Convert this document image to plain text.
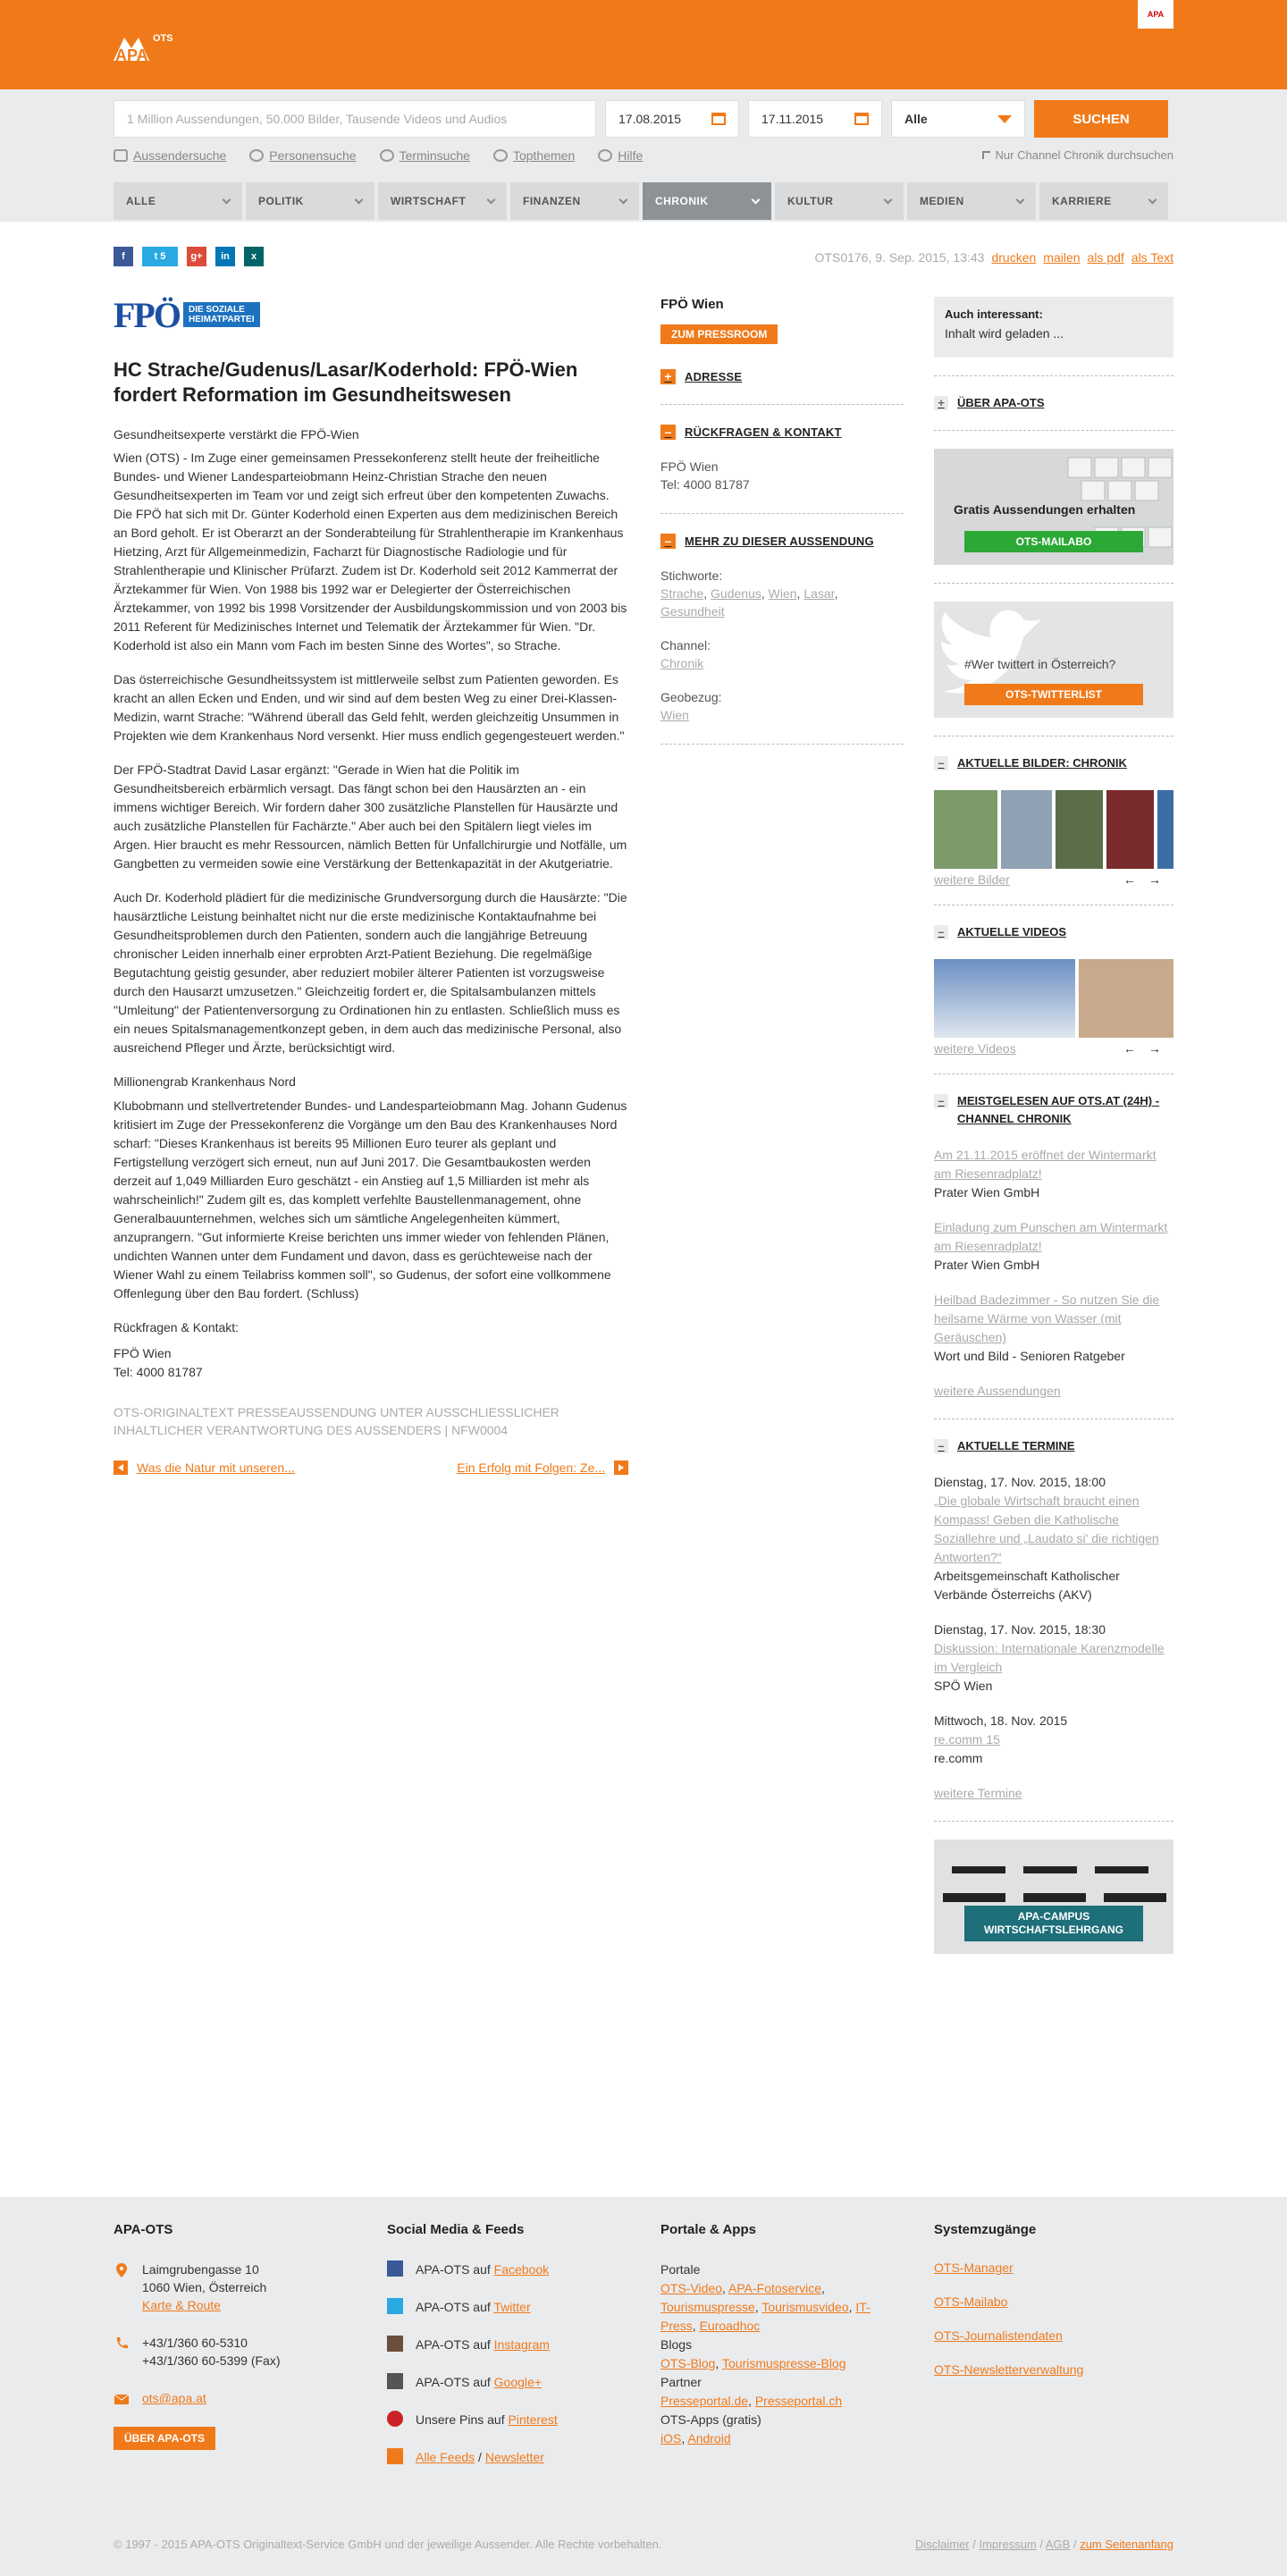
APA
OTS
APA
1 Million Aussendungen, 50.000 Bilder, Tausende Videos und Audios	17.08.2015	17.11.2015	Alle	SUCHEN
Aussendersuche	Personensuche	Terminsuche	Topthemen	Hilfe	Nur Channel Chronik durchsuchen
ALLE	POLITIK	WIRTSCHAFT	FINANZEN	CHRONIK	KULTUR	MEDIEN	KARRIERE
f	t 5	g+	in	x	OTS0176, 9. Sep. 2015, 13:43 drucken mailen als pdf als Text
FPÖ	DIE SOZIALE HEIMATPARTEI
HC Strache/Gudenus/Lasar/Koderhold: FPÖ-Wien fordert Reformation im Gesundheitswesen
Gesundheitsexperte verstärkt die FPÖ-Wien

Wien (OTS) - Im Zuge einer gemeinsamen Pressekonferenz stellt heute der freiheitliche Bundes- und Wiener Landesparteiobmann Heinz-Christian Strache den neuen Gesundheitsexperten im Team vor und zeigt sich erfreut über den kompetenten Zuwachs. Die FPÖ hat sich mit Dr. Günter Koderhold einen Experten aus dem medizinischen Bereich an Bord geholt. Er ist Oberarzt an der Sonderabteilung für Strahlentherapie im Krankenhaus Hietzing, Arzt für Allgemeinmedizin, Facharzt für Diagnostische Radiologie und für Strahlentherapie und Klinischer Prüfarzt. Zudem ist Dr. Koderhold seit 2012 Kammerrat der Ärztekammer für Wien. Von 1988 bis 1992 war er Delegierter der Österreichischen Ärztekammer, von 1992 bis 1998 Vorsitzender der Ausbildungskommission und von 2003 bis 2011 Referent für Medizinisches Internet und Telematik der Ärztekammer für Wien. "Dr. Koderhold ist also ein Mann vom Fach im besten Sinne des Wortes", so Strache.

Das österreichische Gesundheitssystem ist mittlerweile selbst zum Patienten geworden. Es kracht an allen Ecken und Enden, und wir sind auf dem besten Weg zu einer Drei-Klassen-Medizin, warnt Strache: "Während überall das Geld fehlt, werden gleichzeitig Unsummen in Projekten wie dem Krankenhaus Nord versenkt. Hier muss endlich gegengesteuert werden."

Der FPÖ-Stadtrat David Lasar ergänzt: "Gerade in Wien hat die Politik im Gesundheitsbereich erbärmlich versagt. Das fängt schon bei den Hausärzten an - ein immens wichtiger Bereich. Wir fordern daher 300 zusätzliche Planstellen für Hausärzte und auch zusätzliche Planstellen für Fachärzte." Aber auch bei den Spitälern liegt vieles im Argen. Hier braucht es mehr Ressourcen, nämlich Betten für Unfallchirurgie und Notfälle, um Gangbetten zu vermeiden sowie eine Verstärkung der Bettenkapazität in der Akutgeriatrie.

Auch Dr. Koderhold plädiert für die medizinische Grundversorgung durch die Hausärzte: "Die hausärztliche Leistung beinhaltet nicht nur die erste medizinische Kontaktaufnahme bei Gesundheitsproblemen durch den Patienten, sondern auch die langjährige Betreuung chronischer Leiden innerhalb einer erprobten Arzt-Patient Beziehung. Die regelmäßige Begutachtung geistig gesunder, aber reduziert mobiler älterer Patienten ist vorzugsweise durch den Hausarzt umzusetzen." Gleichzeitig fordert er, die Spitalsambulanzen mittels "Umleitung" der Patientenversorgung zu Ordinationen hin zu entlasten. Schließlich muss es ein neues Spitalsmanagementkonzept geben, in dem auch das medizinische Personal, also ausreichend Pfleger und Ärzte, berücksichtigt wird.

Millionengrab Krankenhaus Nord

Klubobmann und stellvertretender Bundes- und Landesparteiobmann Mag. Johann Gudenus kritisiert im Zuge der Pressekonferenz die Vorgänge um den Bau des Krankenhauses Nord scharf: "Dieses Krankenhaus ist bereits 95 Millionen Euro teurer als geplant und Fertigstellung verzögert sich erneut, nun auf Juni 2017. Die Gesamtbaukosten werden derzeit auf 1,049 Milliarden Euro geschätzt - ein Anstieg auf 1,5 Milliarden ist mehr als wahrscheinlich!" Zudem gilt es, das komplett verfehlte Baustellenmanagement, ohne Generalbauunternehmen, welches sich um sämtliche Angelegenheiten kümmert, anzuprangern. "Gut informierte Kreise berichten uns immer wieder von fehlenden Plänen, undichten Wannen unter dem Fundament und davon, dass es gerüchteweise nach der Wiener Wahl zu einem Teilabriss kommen soll", so Gudenus, der sofort eine vollkommene Offenlegung über den Bau fordert. (Schluss)

Rückfragen & Kontakt:

FPÖ Wien
Tel: 4000 81787

OTS-ORIGINALTEXT PRESSEAUSSENDUNG UNTER AUSSCHLIESSLICHER INHALTLICHER VERANTWORTUNG DES AUSSENDERS | NFW0004
Was die Natur mit unseren...	Ein Erfolg mit Folgen: Ze...
FPÖ Wien
ZUM PRESSROOM
+	ADRESSE
–	RÜCKFRAGEN & KONTAKT
FPÖ Wien
Tel: 4000 81787
–	MEHR ZU DIESER AUSSENDUNG
Stichworte:
Strache, Gudenus, Wien, Lasar,
Gesundheit
Channel:
Chronik
Geobezug:
Wien
Auch interessant:
Inhalt wird geladen ...
+	ÜBER APA-OTS
Gratis Aussendungen erhalten
OTS-MAILABO
#Wer twittert in Österreich?
OTS-TWITTERLIST
–	AKTUELLE BILDER: CHRONIK
weitere Bilder	←→
–	AKTUELLE VIDEOS
weitere Videos	←→
–	MEISTGELESEN AUF OTS.AT (24H) - CHANNEL CHRONIK
Am 21.11.2015 eröffnet der Wintermarkt am Riesenradplatz!
Prater Wien GmbH
Einladung zum Punschen am Wintermarkt am Riesenradplatz!
Prater Wien GmbH
Heilbad Badezimmer - So nutzen Sie die heilsame Wärme von Wasser (mit Geräuschen)
Wort und Bild - Senioren Ratgeber
weitere Aussendungen
–	AKTUELLE TERMINE
Dienstag, 17. Nov. 2015, 18:00
„Die globale Wirtschaft braucht einen Kompass! Geben die Katholische Soziallehre und „Laudato si' die richtigen Antworten?“
Arbeitsgemeinschaft Katholischer Verbände Österreichs (AKV)
Dienstag, 17. Nov. 2015, 18:30
Diskussion: Internationale Karenzmodelle im Vergleich
SPÖ Wien
Mittwoch, 18. Nov. 2015
re.comm 15
re.comm
weitere Termine
APA-CAMPUS WIRTSCHAFTSLEHRGANG
APA-OTS
Laimgrubengasse 10
1060 Wien, Österreich
Karte & Route
+43/1/360 60-5310
+43/1/360 60-5399 (Fax)
ots@apa.at
ÜBER APA-OTS
Social Media & Feeds
APA-OTS auf Facebook
APA-OTS auf Twitter
APA-OTS auf Instagram
APA-OTS auf Google+
Unsere Pins auf Pinterest
Alle Feeds / Newsletter
Portale & Apps
Portale
OTS-Video, APA-Fotoservice, Tourismuspresse, Tourismusvideo, IT-Press, Euroadhoc
Blogs
OTS-Blog, Tourismuspresse-Blog
Partner
Presseportal.de, Presseportal.ch
OTS-Apps (gratis)
iOS, Android
Systemzugänge
OTS-Manager
OTS-Mailabo
OTS-Journalistendaten
OTS-Newsletterverwaltung
© 1997 - 2015 APA-OTS Originaltext-Service GmbH und der jeweilige Aussender. Alle Rechte vorbehalten.	Disclaimer / Impressum / AGB / zum Seitenanfang
